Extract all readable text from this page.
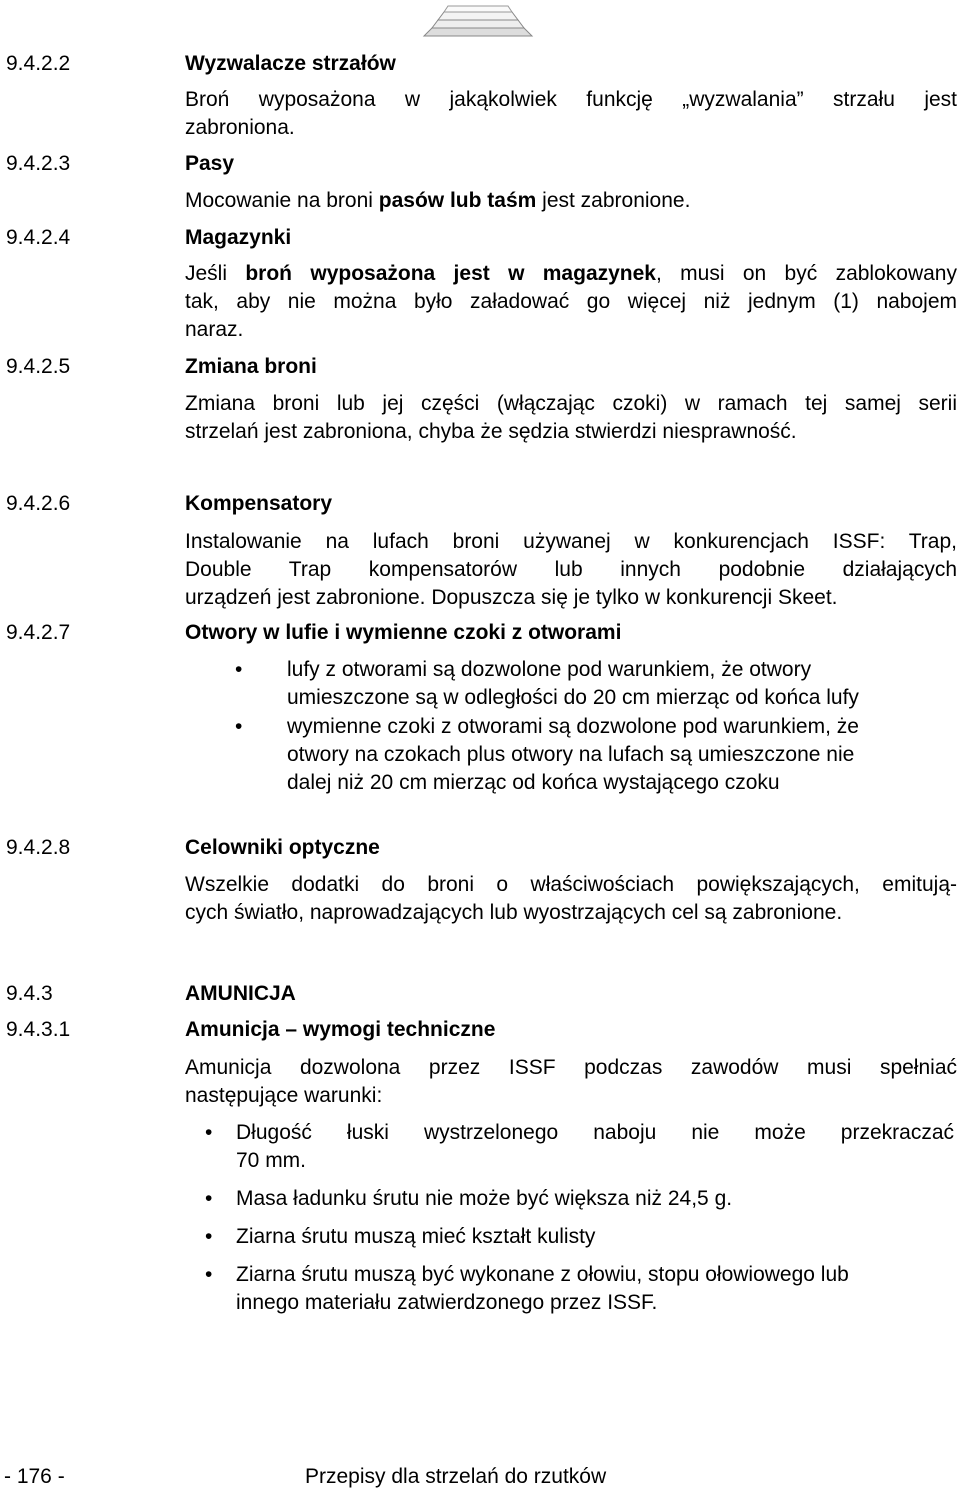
9.4.2.2	Wyzwalacze strzałów
Broń wyposażona w jakąkolwiek funkcję „wyzwalania” strzału jest
zabroniona.
9.4.2.3	Pasy
Mocowanie na broni pasów lub taśm jest zabronione.
9.4.2.4	Magazynki
Jeśli broń wyposażona jest w magazynek, musi on być zablokowany
tak, aby nie można było załadować go więcej niż jednym (1) nabojem
naraz.
9.4.2.5	Zmiana broni
Zmiana broni lub jej części (włączając czoki) w ramach tej samej serii
strzelań jest zabroniona, chyba że sędzia stwierdzi niesprawność.
9.4.2.6	Kompensatory
Instalowanie na lufach broni używanej w konkurencjach ISSF: Trap,
Double Trap kompensatorów lub innych podobnie działających
urządzeń jest zabronione. Dopuszcza się je tylko w konkurencji Skeet.
9.4.2.7	Otwory w lufie i wymienne czoki z otworami
• lufy z otworami są dozwolone pod warunkiem, że otwory
umieszczone są w odległości do 20 cm mierząc od końca lufy
• wymienne czoki z otworami są dozwolone pod warunkiem, że
otwory na czokach plus otwory na lufach są umieszczone nie
dalej niż 20 cm mierząc od końca wystającego czoku
9.4.2.8	Celowniki optyczne
Wszelkie dodatki do broni o właściwościach powiększających, emitują-
cych światło, naprowadzających lub wyostrzających cel są zabronione.
9.4.3	AMUNICJA
9.4.3.1	Amunicja – wymogi techniczne
Amunicja dozwolona przez ISSF podczas zawodów musi spełniać
następujące warunki:
• Długość łuski wystrzelonego naboju nie może przekraczać
70 mm.
• Masa ładunku śrutu nie może być większa niż 24,5 g.
• Ziarna śrutu muszą mieć kształt kulisty
• Ziarna śrutu muszą być wykonane z ołowiu, stopu ołowiowego lub
innego materiału zatwierdzonego przez ISSF.
- 176 -	Przepisy dla strzelań do rzutków
